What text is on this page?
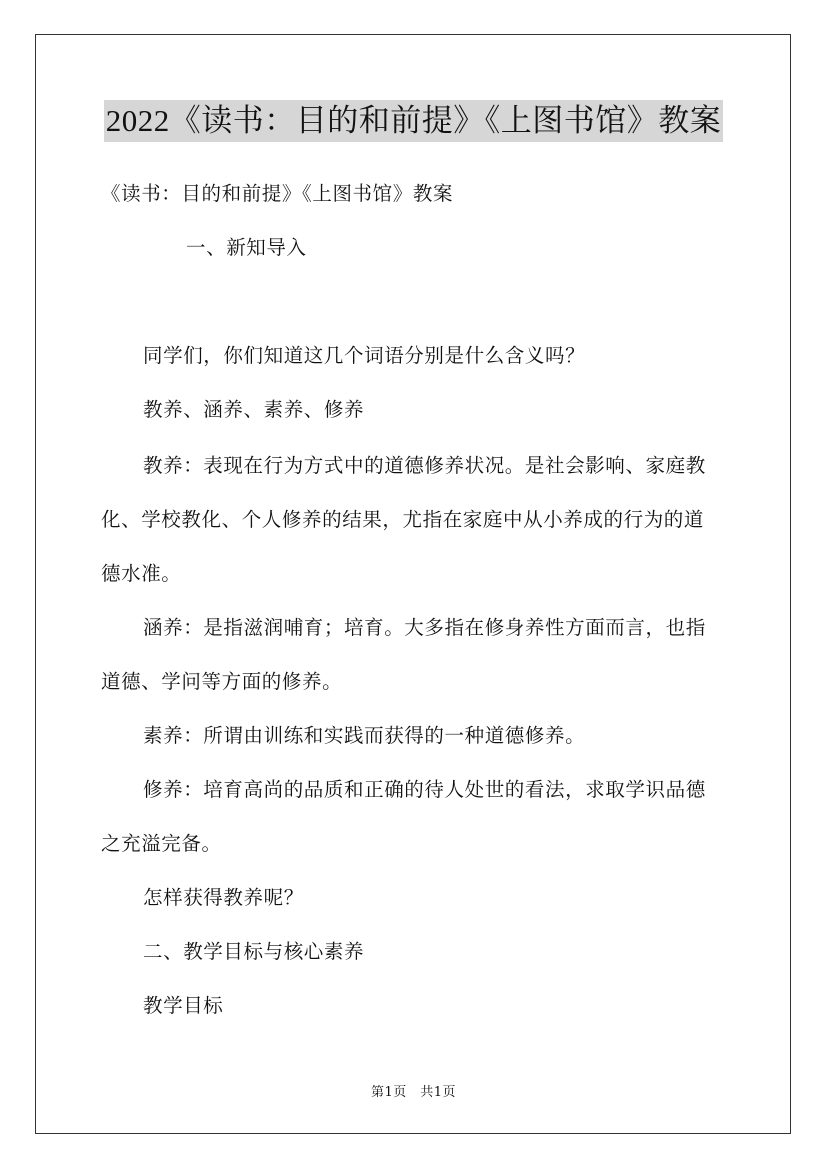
2022《读书：目的和前提》《上图书馆》教案
《读书：目的和前提》《上图书馆》教案
一、新知导入
同学们，你们知道这几个词语分别是什么含义吗？
教养、涵养、素养、修养
教养：表现在行为方式中的道德修养状况。是社会影响、家庭教
化、学校教化、个人修养的结果，尤指在家庭中从小养成的行为的道
德水准。
涵养：是指滋润哺育；培育。大多指在修身养性方面而言，也指
道德、学问等方面的修养。
素养：所谓由训练和实践而获得的一种道德修养。
修养：培育高尚的品质和正确的待人处世的看法，求取学识品德
之充溢完备。
怎样获得教养呢？
二、教学目标与核心素养
教学目标
第1页　共1页
